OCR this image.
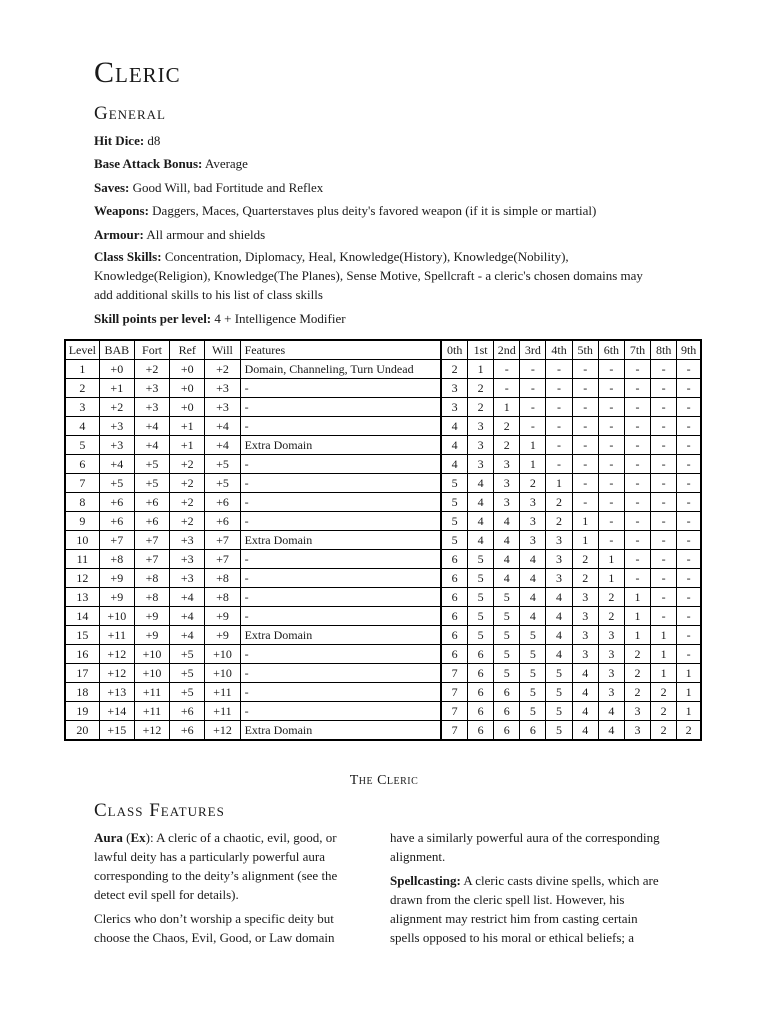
Cleric
General

Hit Dice: d8

Base Attack Bonus: Average

Saves: Good Will, bad Fortitude and Reflex

Weapons: Daggers, Maces, Quarterstaves plus deity's favored weapon (if it is simple or martial)

Armour: All armour and shields

Class Skills: Concentration, Diplomacy, Heal, Knowledge(History), Knowledge(Nobility), Knowledge(Religion), Knowledge(The Planes), Sense Motive, Spellcraft - a cleric's chosen domains may add additional skills to his list of class skills

Skill points per level: 4 + Intelligence Modifier

Level	BAB	Fort	Ref	Will	Features	0th	1st	2nd	3rd	4th	5th	6th	7th	8th	9th
1	+0	+2	+0	+2	Domain, Channeling, Turn Undead	2	1	-	-	-	-	-	-	-	-
2	+1	+3	+0	+3	-	3	2	-	-	-	-	-	-	-	-
3	+2	+3	+0	+3	-	3	2	1	-	-	-	-	-	-	-
4	+3	+4	+1	+4	-	4	3	2	-	-	-	-	-	-	-
5	+3	+4	+1	+4	Extra Domain	4	3	2	1	-	-	-	-	-	-
6	+4	+5	+2	+5	-	4	3	3	1	-	-	-	-	-	-
7	+5	+5	+2	+5	-	5	4	3	2	1	-	-	-	-	-
8	+6	+6	+2	+6	-	5	4	3	3	2	-	-	-	-	-
9	+6	+6	+2	+6	-	5	4	4	3	2	1	-	-	-	-
10	+7	+7	+3	+7	Extra Domain	5	4	4	3	3	1	-	-	-	-
11	+8	+7	+3	+7	-	6	5	4	4	3	2	1	-	-	-
12	+9	+8	+3	+8	-	6	5	4	4	3	2	1	-	-	-
13	+9	+8	+4	+8	-	6	5	5	4	4	3	2	1	-	-
14	+10	+9	+4	+9	-	6	5	5	4	4	3	2	1	-	-
15	+11	+9	+4	+9	Extra Domain	6	5	5	5	4	3	3	1	1	-
16	+12	+10	+5	+10	-	6	6	5	5	4	3	3	2	1	-
17	+12	+10	+5	+10	-	7	6	5	5	5	4	3	2	1	1
18	+13	+11	+5	+11	-	7	6	6	5	5	4	3	2	2	1
19	+14	+11	+6	+11	-	7	6	6	5	5	4	4	3	2	1
20	+15	+12	+6	+12	Extra Domain	7	6	6	6	5	4	4	3	2	2
The Cleric
Class Features

Aura (Ex): A cleric of a chaotic, evil, good, or lawful deity has a particularly powerful aura corresponding to the deity’s alignment (see the detect evil spell for details).

Clerics who don’t worship a specific deity but choose the Chaos, Evil, Good, or Law domain

have a similarly powerful aura of the corresponding alignment.

Spellcasting: A cleric casts divine spells, which are drawn from the cleric spell list. However, his alignment may restrict him from casting certain spells opposed to his moral or ethical beliefs; a
